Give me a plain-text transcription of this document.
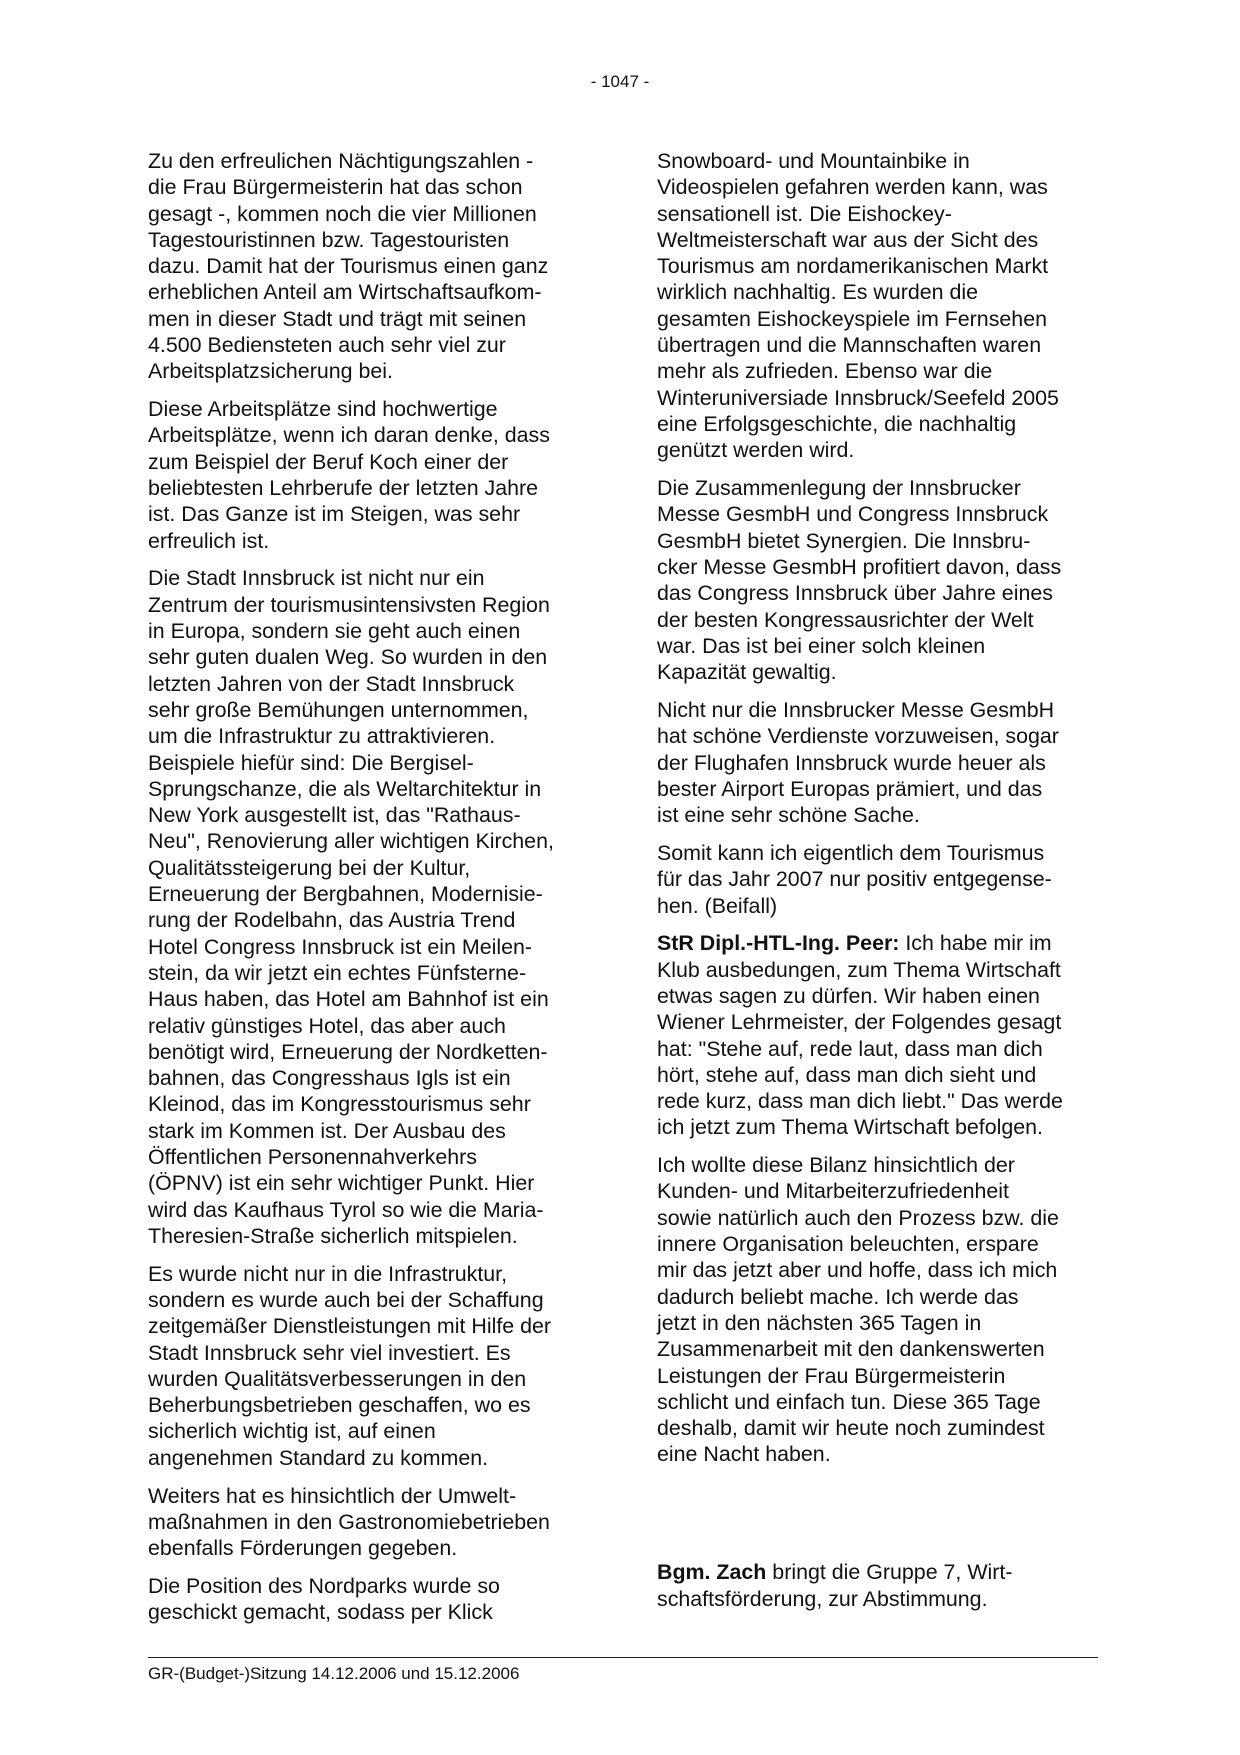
- 1047 -

Zu den erfreulichen Nächtigungszahlen -
die Frau Bürgermeisterin hat das schon
gesagt -, kommen noch die vier Millionen
Tagestouristinnen bzw. Tagestouristen
dazu. Damit hat der Tourismus einen ganz
erheblichen Anteil am Wirtschaftsaufkom-
men in dieser Stadt und trägt mit seinen
4.500 Bediensteten auch sehr viel zur
Arbeitsplatzsicherung bei.

Diese Arbeitsplätze sind hochwertige
Arbeitsplätze, wenn ich daran denke, dass
zum Beispiel der Beruf Koch einer der
beliebtesten Lehrberufe der letzten Jahre
ist. Das Ganze ist im Steigen, was sehr
erfreulich ist.

Die Stadt Innsbruck ist nicht nur ein
Zentrum der tourismusintensivsten Region
in Europa, sondern sie geht auch einen
sehr guten dualen Weg. So wurden in den
letzten Jahren von der Stadt Innsbruck
sehr große Bemühungen unternommen,
um die Infrastruktur zu attraktivieren.
Beispiele hiefür sind: Die Bergisel-
Sprungschanze, die als Weltarchitektur in
New York ausgestellt ist, das "Rathaus-
Neu", Renovierung aller wichtigen Kirchen,
Qualitätssteigerung bei der Kultur,
Erneuerung der Bergbahnen, Modernisie-
rung der Rodelbahn, das Austria Trend
Hotel Congress Innsbruck ist ein Meilen-
stein, da wir jetzt ein echtes Fünfsterne-
Haus haben, das Hotel am Bahnhof ist ein
relativ günstiges Hotel, das aber auch
benötigt wird, Erneuerung der Nordketten-
bahnen, das Congresshaus Igls ist ein
Kleinod, das im Kongresstourismus sehr
stark im Kommen ist. Der Ausbau des
Öffentlichen Personennahverkehrs
(ÖPNV) ist ein sehr wichtiger Punkt. Hier
wird das Kaufhaus Tyrol so wie die Maria-
Theresien-Straße sicherlich mitspielen.

Es wurde nicht nur in die Infrastruktur,
sondern es wurde auch bei der Schaffung
zeitgemäßer Dienstleistungen mit Hilfe der
Stadt Innsbruck sehr viel investiert. Es
wurden Qualitätsverbesserungen in den
Beherbungsbetrieben geschaffen, wo es
sicherlich wichtig ist, auf einen
angenehmen Standard zu kommen.

Weiters hat es hinsichtlich der Umwelt-
maßnahmen in den Gastronomiebetrieben
ebenfalls Förderungen gegeben.

Die Position des Nordparks wurde so
geschickt gemacht, sodass per Klick

Snowboard- und Mountainbike in
Videospielen gefahren werden kann, was
sensationell ist. Die Eishockey-
Weltmeisterschaft war aus der Sicht des
Tourismus am nordamerikanischen Markt
wirklich nachhaltig. Es wurden die
gesamten Eishockeyspiele im Fernsehen
übertragen und die Mannschaften waren
mehr als zufrieden. Ebenso war die
Winteruniversiade Innsbruck/Seefeld 2005
eine Erfolgsgeschichte, die nachhaltig
genützt werden wird.

Die Zusammenlegung der Innsbrucker
Messe GesmbH und Congress Innsbruck
GesmbH bietet Synergien. Die Innsbru-
cker Messe GesmbH profitiert davon, dass
das Congress Innsbruck über Jahre eines
der besten Kongressausrichter der Welt
war. Das ist bei einer solch kleinen
Kapazität gewaltig.

Nicht nur die Innsbrucker Messe GesmbH
hat schöne Verdienste vorzuweisen, sogar
der Flughafen Innsbruck wurde heuer als
bester Airport Europas prämiert, und das
ist eine sehr schöne Sache.

Somit kann ich eigentlich dem Tourismus
für das Jahr 2007 nur positiv entgegense-
hen. (Beifall)

StR Dipl.-HTL-Ing. Peer: Ich habe mir im
Klub ausbedungen, zum Thema Wirtschaft
etwas sagen zu dürfen. Wir haben einen
Wiener Lehrmeister, der Folgendes gesagt
hat: "Stehe auf, rede laut, dass man dich
hört, stehe auf, dass man dich sieht und
rede kurz, dass man dich liebt." Das werde
ich jetzt zum Thema Wirtschaft befolgen.

Ich wollte diese Bilanz hinsichtlich der
Kunden- und Mitarbeiterzufriedenheit
sowie natürlich auch den Prozess bzw. die
innere Organisation beleuchten, erspare
mir das jetzt aber und hoffe, dass ich mich
dadurch beliebt mache. Ich werde das
jetzt in den nächsten 365 Tagen in
Zusammenarbeit mit den dankenswerten
Leistungen der Frau Bürgermeisterin
schlicht und einfach tun. Diese 365 Tage
deshalb, damit wir heute noch zumindest
eine Nacht haben.

Bgm. Zach bringt die Gruppe 7, Wirt-
schaftsförderung, zur Abstimmung.

GR-(Budget-)Sitzung 14.12.2006 und 15.12.2006
